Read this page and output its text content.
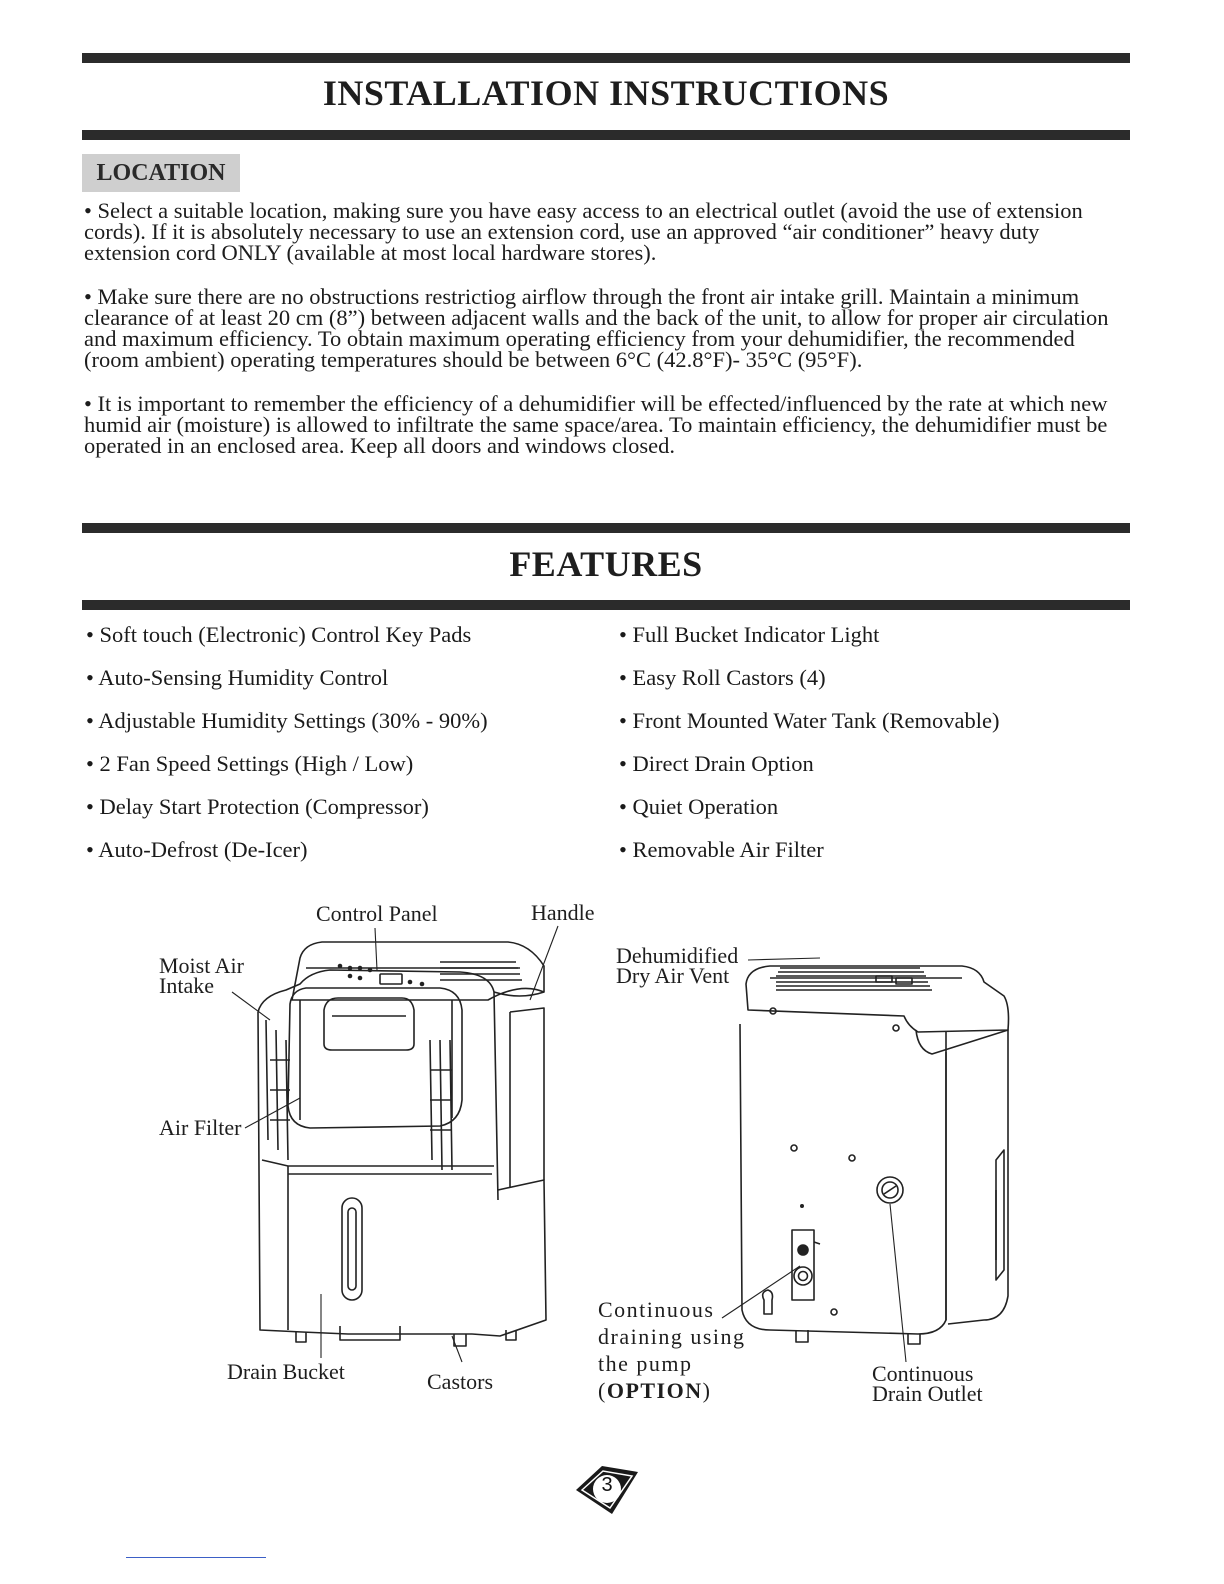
INSTALLATION INSTRUCTIONS
LOCATION

• Select a suitable location, making sure you have easy access to an electrical outlet (avoid the use of extension cords). If it is absolutely necessary to use an extension cord, use an approved “air conditioner” heavy duty extension cord ONLY (available at most local hardware stores).

• Make sure there are no obstructions restrictiog airflow through the front air intake grill. Maintain a minimum clearance of at least 20 cm (8”) between adjacent walls and the back of the unit, to allow for proper air circulation and maximum efficiency. To obtain maximum operating efficiency from your dehumidifier, the recommended (room ambient) operating temperatures should be between 6°C (42.8°F)- 35°C (95°F).

• It is important to remember the efficiency of a dehumidifier will be effected/influenced by the rate at which new humid air (moisture) is allowed to infiltrate the same space/area. To maintain efficiency, the dehumidifier must be operated in an enclosed area. Keep all doors and windows closed.

FEATURES
• Soft touch (Electronic) Control Key Pads
• Auto-Sensing Humidity Control
• Adjustable Humidity Settings (30% - 90%)
• 2 Fan Speed Settings (High / Low)
• Delay Start Protection (Compressor)
• Auto-Defrost (De-Icer)
• Full Bucket Indicator Light
• Easy Roll Castors (4)
• Front Mounted Water Tank (Removable)
• Direct Drain Option
• Quiet Operation
• Removable Air Filter
Control Panel	Handle
Moist Air
Intake
Air Filter
Drain Bucket	Castors
Dehumidified
Dry Air Vent
Continuous
draining using
the pump
(OPTION)
Continuous
Drain Outlet
3
